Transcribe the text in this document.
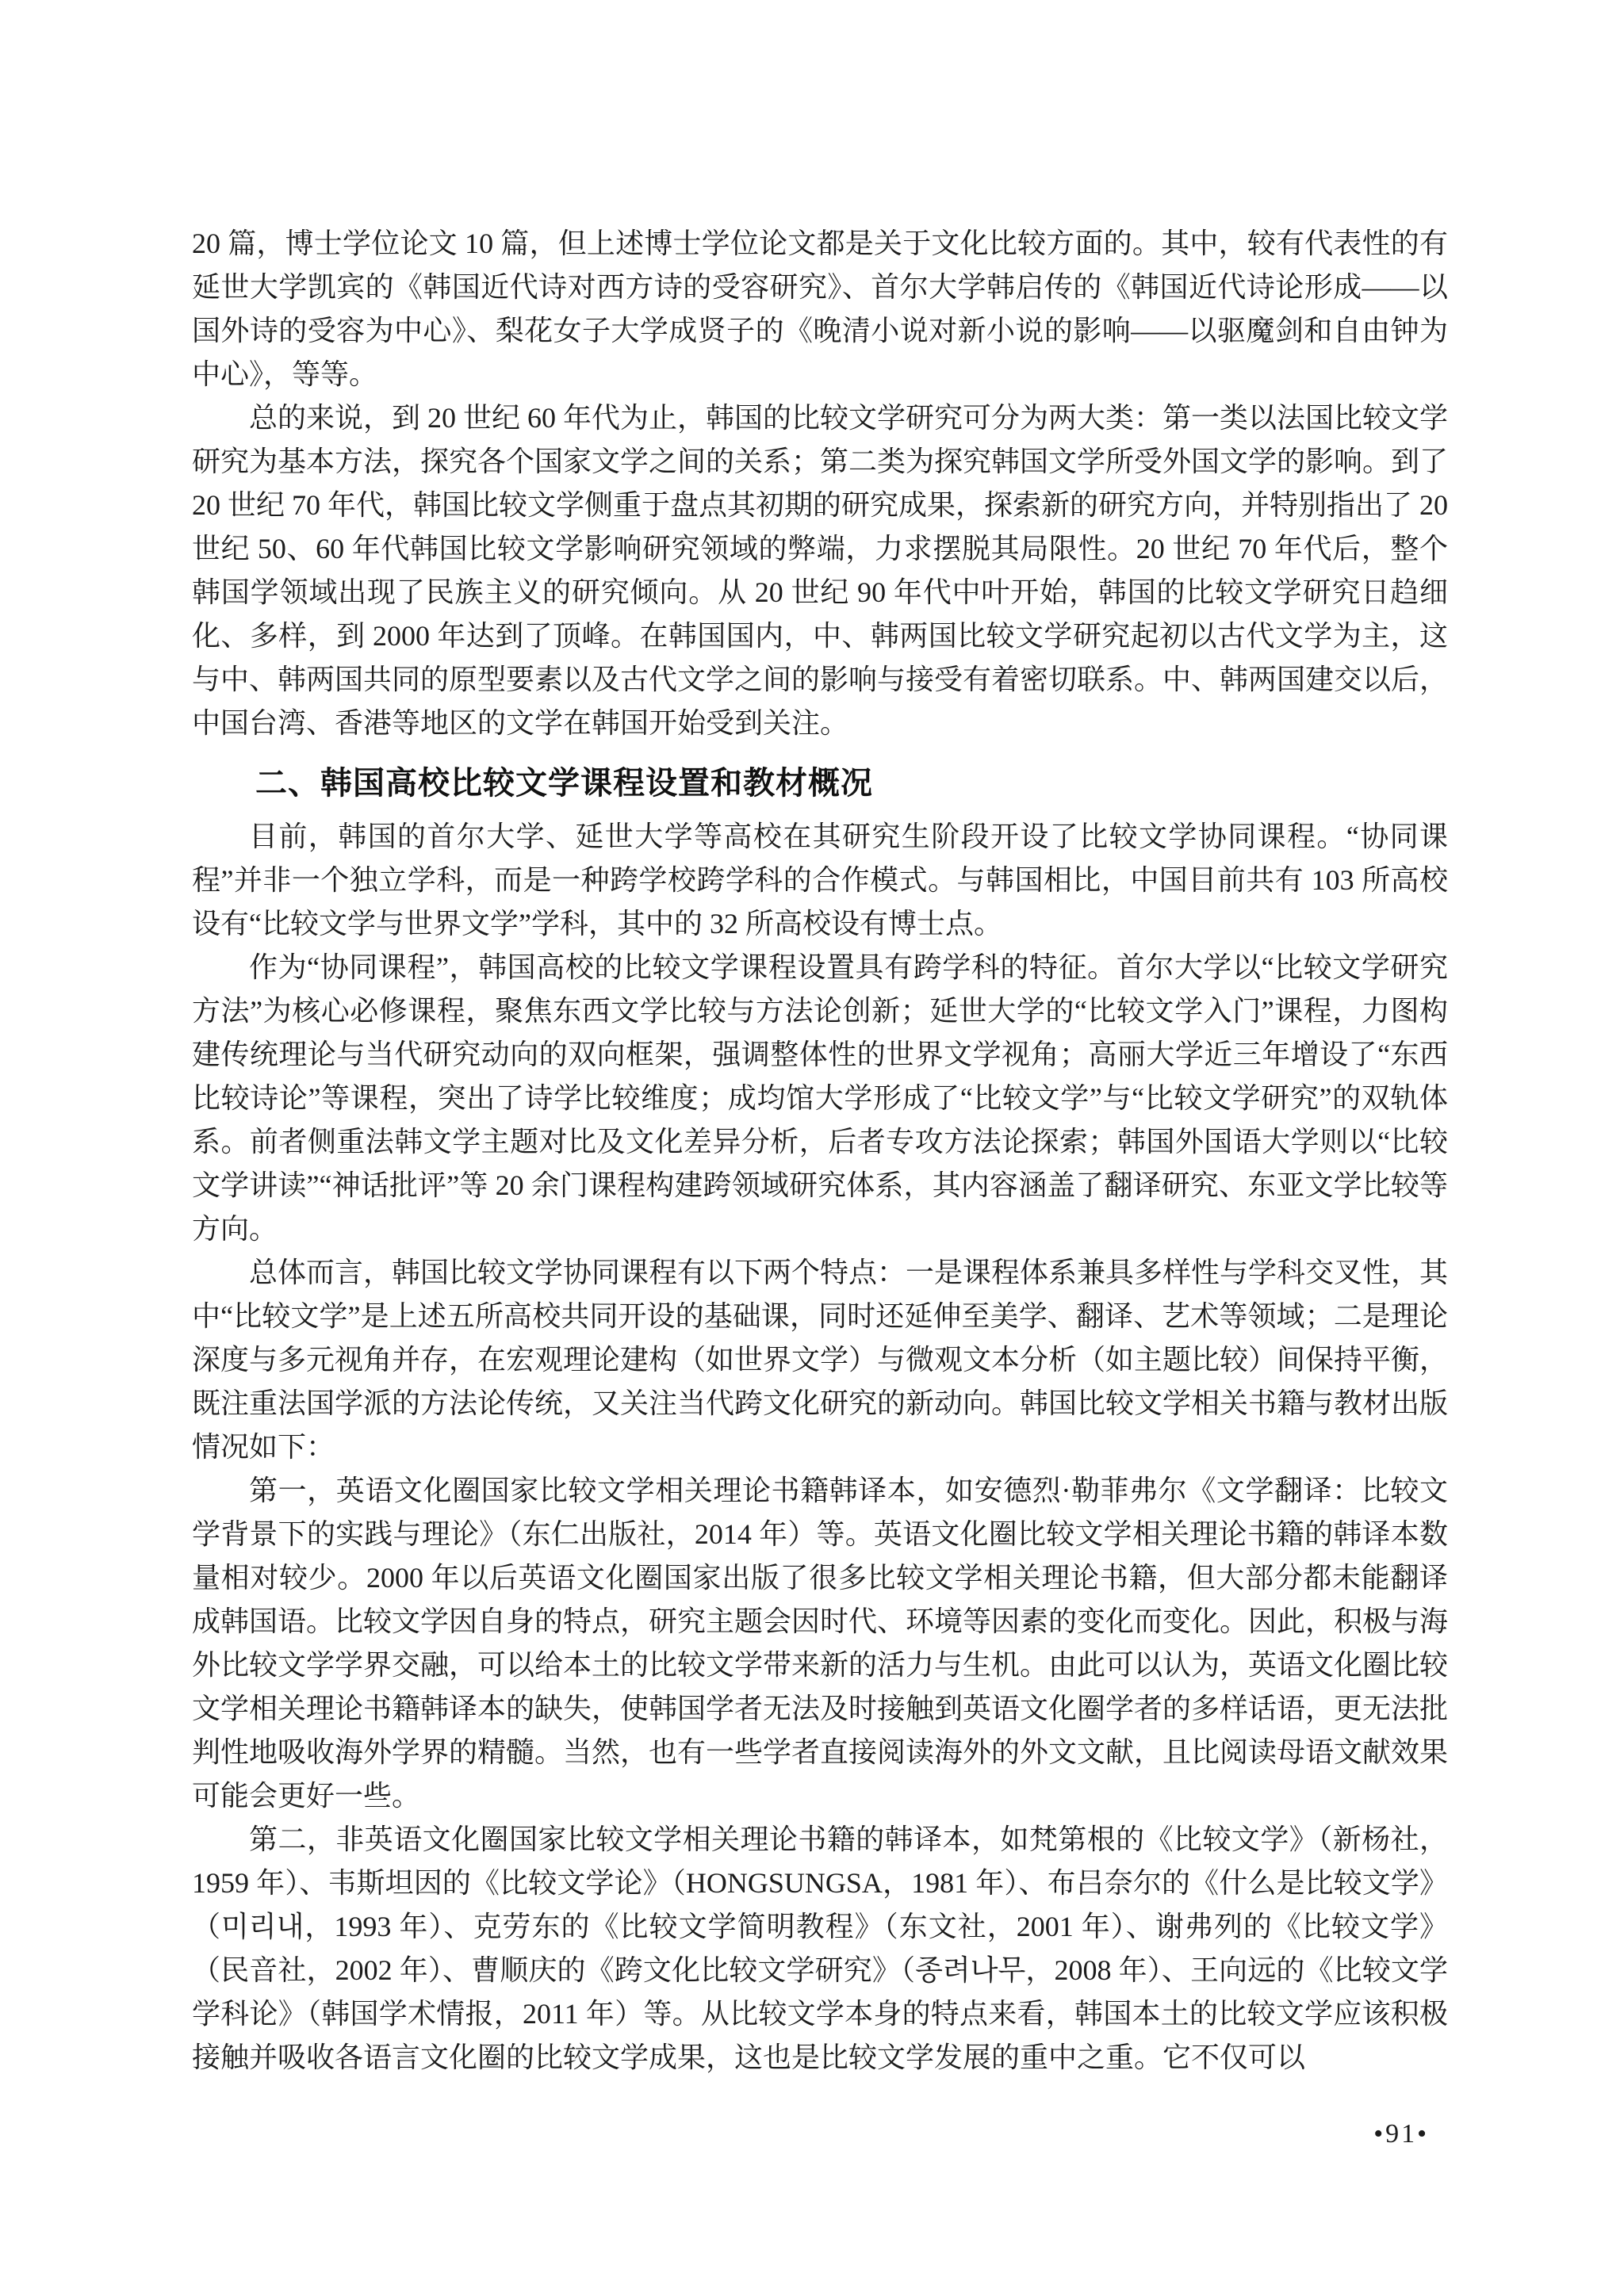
20 篇，博士学位论文 10 篇，但上述博士学位论文都是关于文化比较方面的。其中，较有代表性的有延世大学凯宾的《韩国近代诗对西方诗的受容研究》、首尔大学韩启传的《韩国近代诗论形成——以国外诗的受容为中心》、梨花女子大学成贤子的《晚清小说对新小说的影响——以驱魔剑和自由钟为中心》，等等。

总的来说，到 20 世纪 60 年代为止，韩国的比较文学研究可分为两大类：第一类以法国比较文学研究为基本方法，探究各个国家文学之间的关系；第二类为探究韩国文学所受外国文学的影响。到了 20 世纪 70 年代，韩国比较文学侧重于盘点其初期的研究成果，探索新的研究方向，并特别指出了 20 世纪 50、60 年代韩国比较文学影响研究领域的弊端，力求摆脱其局限性。20 世纪 70 年代后，整个韩国学领域出现了民族主义的研究倾向。从 20 世纪 90 年代中叶开始，韩国的比较文学研究日趋细化、多样，到 2000 年达到了顶峰。在韩国国内，中、韩两国比较文学研究起初以古代文学为主，这与中、韩两国共同的原型要素以及古代文学之间的影响与接受有着密切联系。中、韩两国建交以后，中国台湾、香港等地区的文学在韩国开始受到关注。

二、韩国高校比较文学课程设置和教材概况

目前，韩国的首尔大学、延世大学等高校在其研究生阶段开设了比较文学协同课程。“协同课程”并非一个独立学科，而是一种跨学校跨学科的合作模式。与韩国相比，中国目前共有 103 所高校设有“比较文学与世界文学”学科，其中的 32 所高校设有博士点。

作为“协同课程”，韩国高校的比较文学课程设置具有跨学科的特征。首尔大学以“比较文学研究方法”为核心必修课程，聚焦东西文学比较与方法论创新；延世大学的“比较文学入门”课程，力图构建传统理论与当代研究动向的双向框架，强调整体性的世界文学视角；高丽大学近三年增设了“东西比较诗论”等课程，突出了诗学比较维度；成均馆大学形成了“比较文学”与“比较文学研究”的双轨体系。前者侧重法韩文学主题对比及文化差异分析，后者专攻方法论探索；韩国外国语大学则以“比较文学讲读”“神话批评”等 20 余门课程构建跨领域研究体系，其内容涵盖了翻译研究、东亚文学比较等方向。

总体而言，韩国比较文学协同课程有以下两个特点：一是课程体系兼具多样性与学科交叉性，其中“比较文学”是上述五所高校共同开设的基础课，同时还延伸至美学、翻译、艺术等领域；二是理论深度与多元视角并存，在宏观理论建构（如世界文学）与微观文本分析（如主题比较）间保持平衡，既注重法国学派的方法论传统，又关注当代跨文化研究的新动向。韩国比较文学相关书籍与教材出版情况如下：

第一，英语文化圈国家比较文学相关理论书籍韩译本，如安德烈·勒菲弗尔《文学翻译：比较文学背景下的实践与理论》（东仁出版社，2014 年）等。英语文化圈比较文学相关理论书籍的韩译本数量相对较少。2000 年以后英语文化圈国家出版了很多比较文学相关理论书籍，但大部分都未能翻译成韩国语。比较文学因自身的特点，研究主题会因时代、环境等因素的变化而变化。因此，积极与海外比较文学学界交融，可以给本土的比较文学带来新的活力与生机。由此可以认为，英语文化圈比较文学相关理论书籍韩译本的缺失，使韩国学者无法及时接触到英语文化圈学者的多样话语，更无法批判性地吸收海外学界的精髓。当然，也有一些学者直接阅读海外的外文文献，且比阅读母语文献效果可能会更好一些。

第二，非英语文化圈国家比较文学相关理论书籍的韩译本，如梵第根的《比较文学》（新杨社，1959 年）、韦斯坦因的《比较文学论》（HONGSUNGSA，1981 年）、布吕奈尔的《什么是比较文学》（미리내，1993 年）、克劳东的《比较文学简明教程》（东文社，2001 年）、谢弗列的《比较文学》（民音社，2002 年）、曹顺庆的《跨文化比较文学研究》（종려나무，2008 年）、王向远的《比较文学学科论》（韩国学术情报，2011 年）等。从比较文学本身的特点来看，韩国本土的比较文学应该积极接触并吸收各语言文化圈的比较文学成果，这也是比较文学发展的重中之重。它不仅可以

•91•
